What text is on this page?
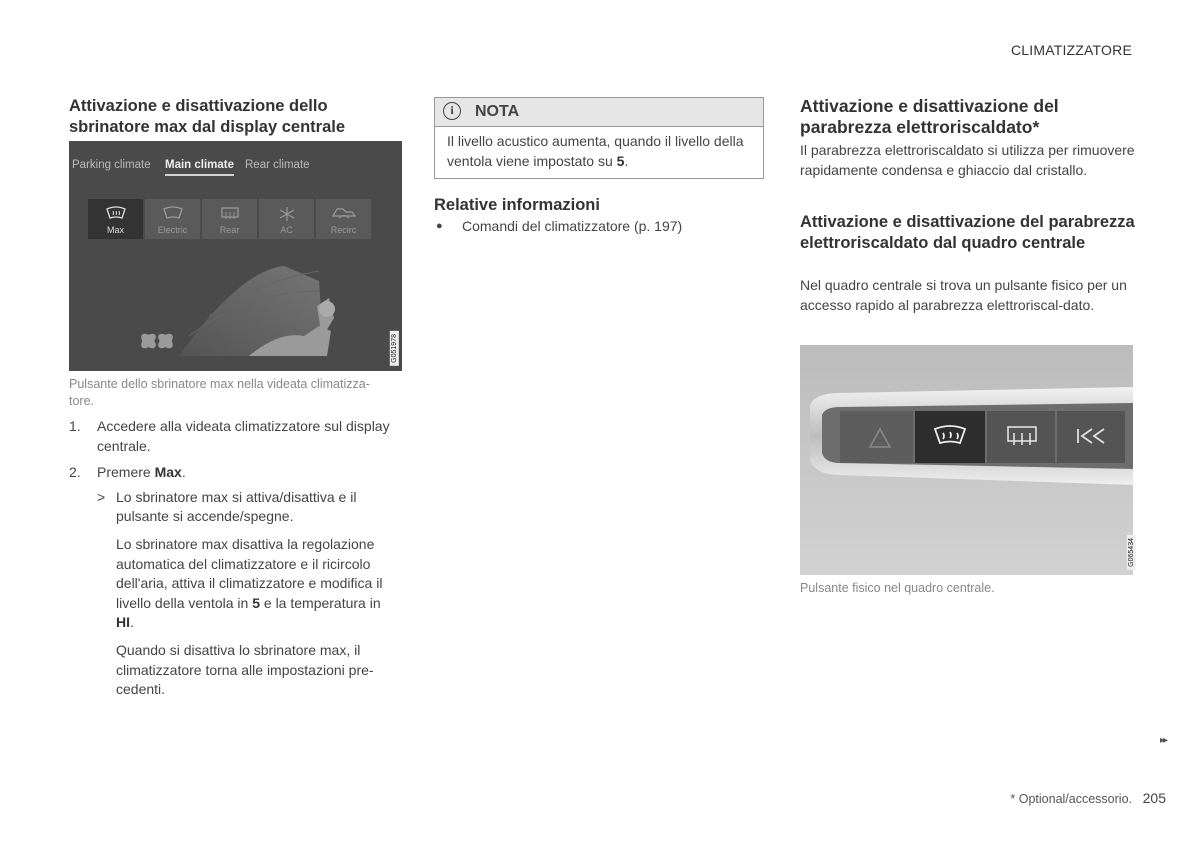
CLIMATIZZATORE
Attivazione e disattivazione dello sbrinatore max dal display centrale
Parking climate Main climate Rear climate
Max	Electric	Rear	AC	Recirc
G051978
Pulsante dello sbrinatore max nella videata climatizza-tore.
1.	Accedere alla videata climatizzatore sul display centrale.
2.	Premere Max.
> Lo sbrinatore max si attiva/disattiva e il pulsante si accende/spegne.
Lo sbrinatore max disattiva la regolazione automatica del climatizzatore e il ricircolo dell'aria, attiva il climatizzatore e modifica il livello della ventola in 5 e la temperatura in HI.
Quando si disattiva lo sbrinatore max, il climatizzatore torna alle impostazioni pre-cedenti.
i	NOTA
Il livello acustico aumenta, quando il livello della ventola viene impostato su 5.
Relative informazioni
● Comandi del climatizzatore (p. 197)
Attivazione e disattivazione del parabrezza elettroriscaldato*
Il parabrezza elettroriscaldato si utilizza per rimuovere rapidamente condensa e ghiaccio dal cristallo.
Attivazione e disattivazione del parabrezza elettroriscaldato dal quadro centrale
Nel quadro centrale si trova un pulsante fisico per un accesso rapido al parabrezza elettroriscal-dato.
G065434
Pulsante fisico nel quadro centrale.
▸▸
* Optional/accessorio. 205
